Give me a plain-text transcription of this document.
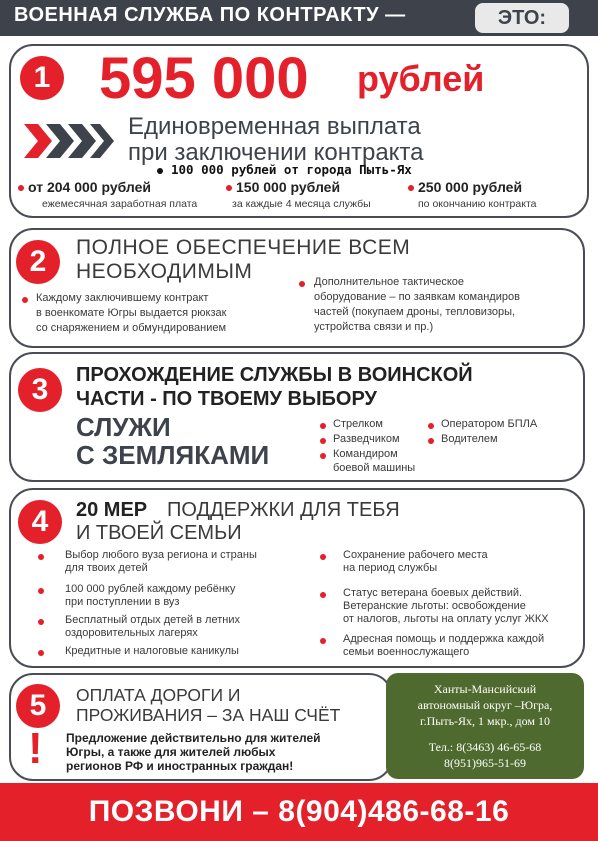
ВОЕННАЯ СЛУЖБА ПО КОНТРАКТУ —	ЭТО:
1 595 000 рублей
Единовременная выплата
при заключении контракта
100 000 рублей от города Пыть-Ях
от 204 000 рублей
ежемесячная заработная плата
150 000 рублей
за каждые 4 месяца службы
250 000 рублей
по окончанию контракта
2	ПОЛНОЕ ОБЕСПЕЧЕНИЕ ВСЕМ
НЕОБХОДИМЫМ
Каждому заключившему контракт
в военкомате Югры выдается рюкзак
со снаряжением и обмундированием
Дополнительное тактическое
оборудование – по заявкам командиров
частей (покупаем дроны, тепловизоры,
устройства связи и пр.)
3	ПРОХОЖДЕНИЕ СЛУЖБЫ В ВОИНСКОЙ
ЧАСТИ - ПО ТВОЕМУ ВЫБОРУ
СЛУЖИ
С ЗЕМЛЯКАМИ
Стрелком
Разведчиком
Командиром
боевой машины
Оператором БПЛА
Водителем
4	20 МЕР ПОДДЕРЖКИ ДЛЯ ТЕБЯ
И ТВОЕЙ СЕМЬИ
Выбор любого вуза региона и страны
для твоих детей
100 000 рублей каждому ребёнку
при поступлении в вуз
Бесплатный отдых детей в летних
оздоровительных лагерях
Кредитные и налоговые каникулы
Сохранение рабочего места
на период службы
Статус ветерана боевых действий.
Ветеранские льготы: освобождение
от налогов, льготы на оплату услуг ЖКХ
Адресная помощь и поддержка каждой
семьи военнослужащего
5
!
ОПЛАТА ДОРОГИ И
ПРОЖИВАНИЯ – ЗА НАШ СЧЁТ
Предложение действительно для жителей
Югры, а также для жителей любых
регионов РФ и иностранных граждан!
Ханты-Мансийский
автономный округ –Югра,
г.Пыть-Ях, 1 мкр., дом 10
Тел.: 8(3463) 46-65-68
8(951)965-51-69
ПОЗВОНИ – 8(904)486-68-16
